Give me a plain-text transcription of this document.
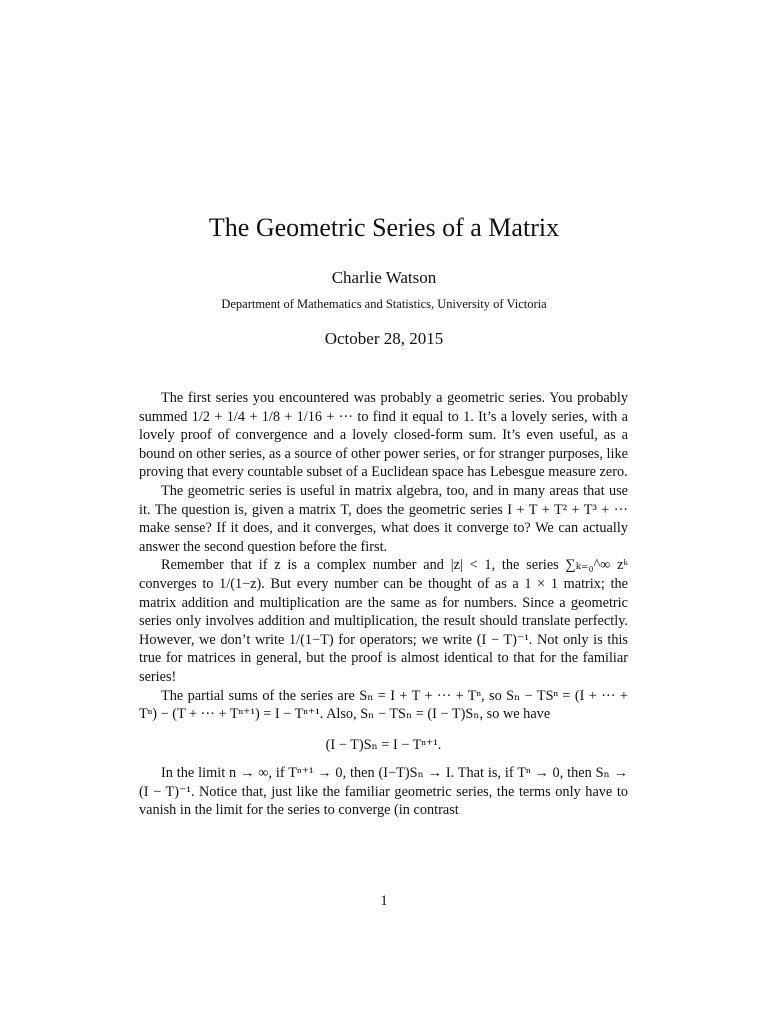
The Geometric Series of a Matrix
Charlie Watson
Department of Mathematics and Statistics, University of Victoria
October 28, 2015

The first series you encountered was probably a geometric series. You probably summed 1/2 + 1/4 + 1/8 + 1/16 + ··· to find it equal to 1. It’s a lovely series, with a lovely proof of convergence and a lovely closed-form sum. It’s even useful, as a bound on other series, as a source of other power series, or for stranger purposes, like proving that every countable subset of a Euclidean space has Lebesgue measure zero.

The geometric series is useful in matrix algebra, too, and in many areas that use it. The question is, given a matrix T, does the geometric series I + T + T² + T³ + ··· make sense? If it does, and it converges, what does it converge to? We can actually answer the second question before the first.

Remember that if z is a complex number and |z| < 1, the series ∑ₖ₌₀^∞ zᵏ converges to 1/(1−z). But every number can be thought of as a 1 × 1 matrix; the matrix addition and multiplication are the same as for numbers. Since a geometric series only involves addition and multiplication, the result should translate perfectly. However, we don’t write 1/(1−T) for operators; we write (I − T)⁻¹. Not only is this true for matrices in general, but the proof is almost identical to that for the familiar series!

The partial sums of the series are Sₙ = I + T + ··· + Tⁿ, so Sₙ − TSⁿ = (I + ··· + Tⁿ) − (T + ··· + Tⁿ⁺¹) = I − Tⁿ⁺¹. Also, Sₙ − TSₙ = (I − T)Sₙ, so we have

(I − T)Sₙ = I − Tⁿ⁺¹.

In the limit n → ∞, if Tⁿ⁺¹ → 0, then (I−T)Sₙ → I. That is, if Tⁿ → 0, then Sₙ → (I − T)⁻¹. Notice that, just like the familiar geometric series, the terms only have to vanish in the limit for the series to converge (in contrast

1
